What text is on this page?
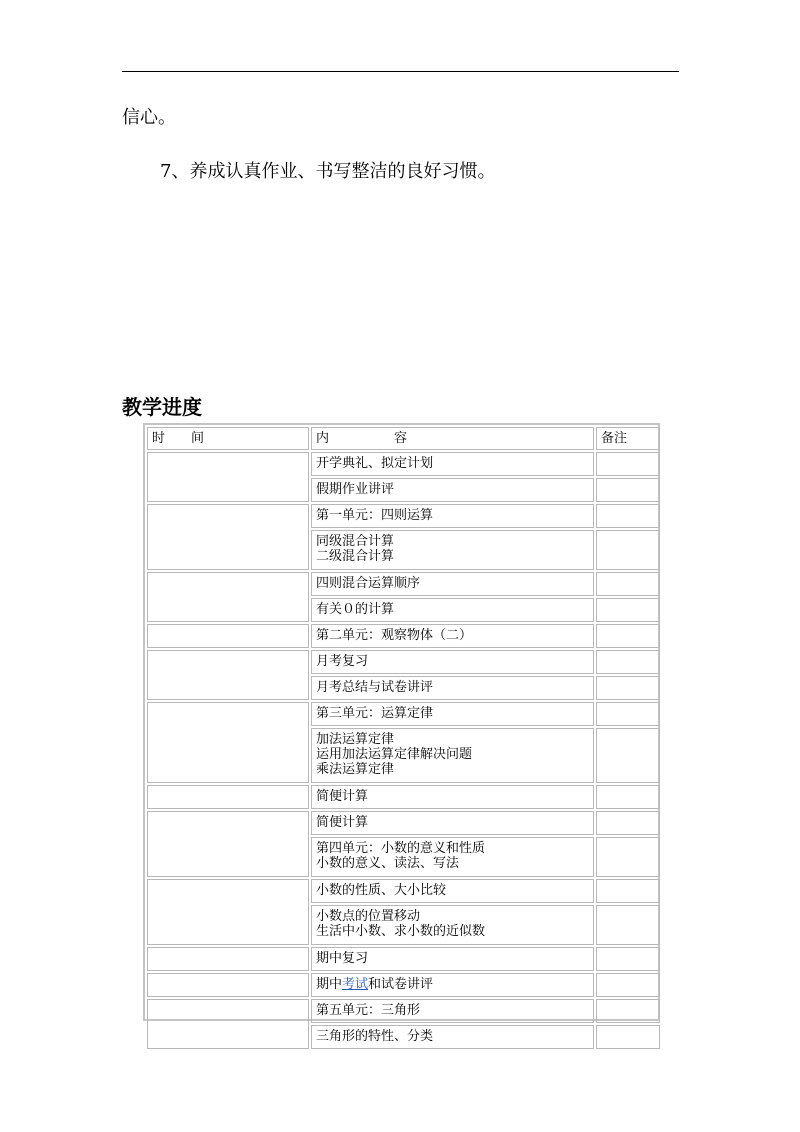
信心。
7、养成认真作业、书写整洁的良好习惯。
教学进度
时　　间	内　　　　　容	备注
	开学典礼、拟定计划	
	假期作业讲评	
	第一单元：四则运算	

	同级混合计算
二级混合计算	

	四则混合运算顺序	
	有关０的计算	
	第二单元：观察物体（二）	
	月考复习	
	月考总结与试卷讲评	
	第三单元：运算定律	

	加法运算定律
运用加法运算定律解决问题
乘法运算定律	

	简便计算	
	简便计算	

	第四单元：小数的意义和性质
小数的意义、读法、写法	

	小数的性质、大小比较	

	小数点的位置移动
生活中小数、求小数的近似数	

	期中复习	
	期中考试和试卷讲评	
	第五单元：三角形	
	三角形的特性、分类	
